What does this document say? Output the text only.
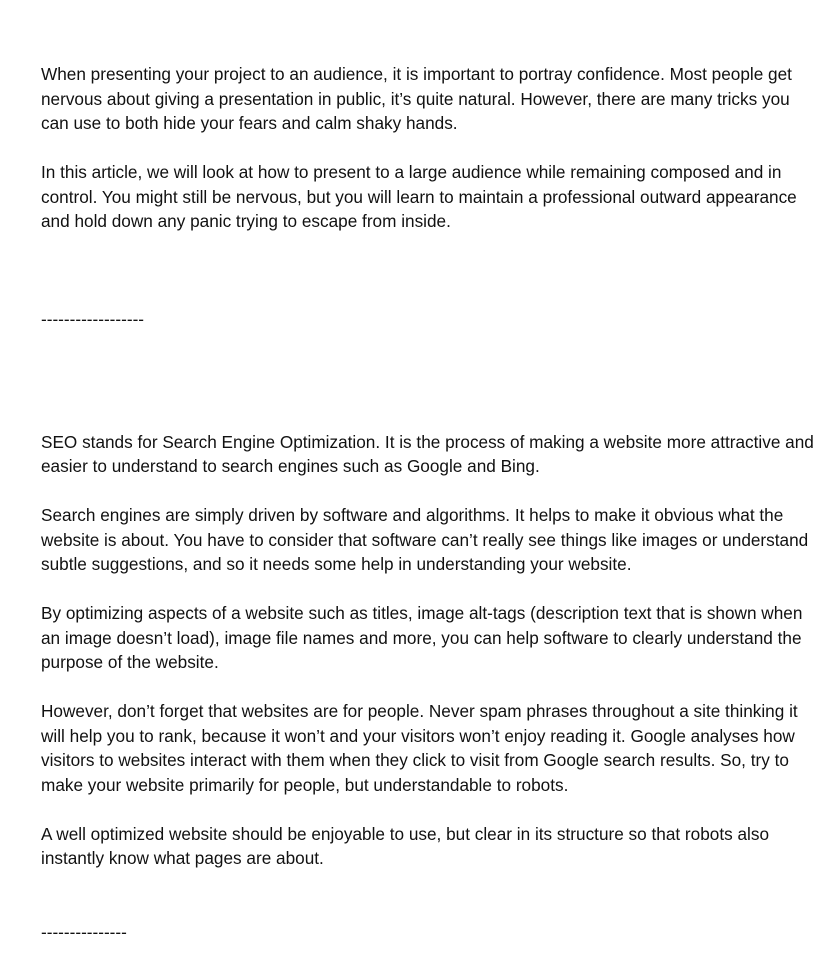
When presenting your project to an audience, it is important to portray confidence. Most people get nervous about giving a presentation in public, it’s quite natural. However, there are many tricks you can use to both hide your fears and calm shaky hands.

In this article, we will look at how to present to a large audience while remaining composed and in control. You might still be nervous, but you will learn to maintain a professional outward appearance and hold down any panic trying to escape from inside.

------------------

SEO stands for Search Engine Optimization. It is the process of making a website more attractive and easier to understand to search engines such as Google and Bing.

Search engines are simply driven by software and algorithms. It helps to make it obvious what the website is about. You have to consider that software can’t really see things like images or understand subtle suggestions, and so it needs some help in understanding your website.

By optimizing aspects of a website such as titles, image alt-tags (description text that is shown when an image doesn’t load), image file names and more, you can help software to clearly understand the purpose of the website.

However, don’t forget that websites are for people. Never spam phrases throughout a site thinking it will help you to rank, because it won’t and your visitors won’t enjoy reading it. Google analyses how visitors to websites interact with them when they click to visit from Google search results. So, try to make your website primarily for people, but understandable to robots.

A well optimized website should be enjoyable to use, but clear in its structure so that robots also instantly know what pages are about.

---------------
